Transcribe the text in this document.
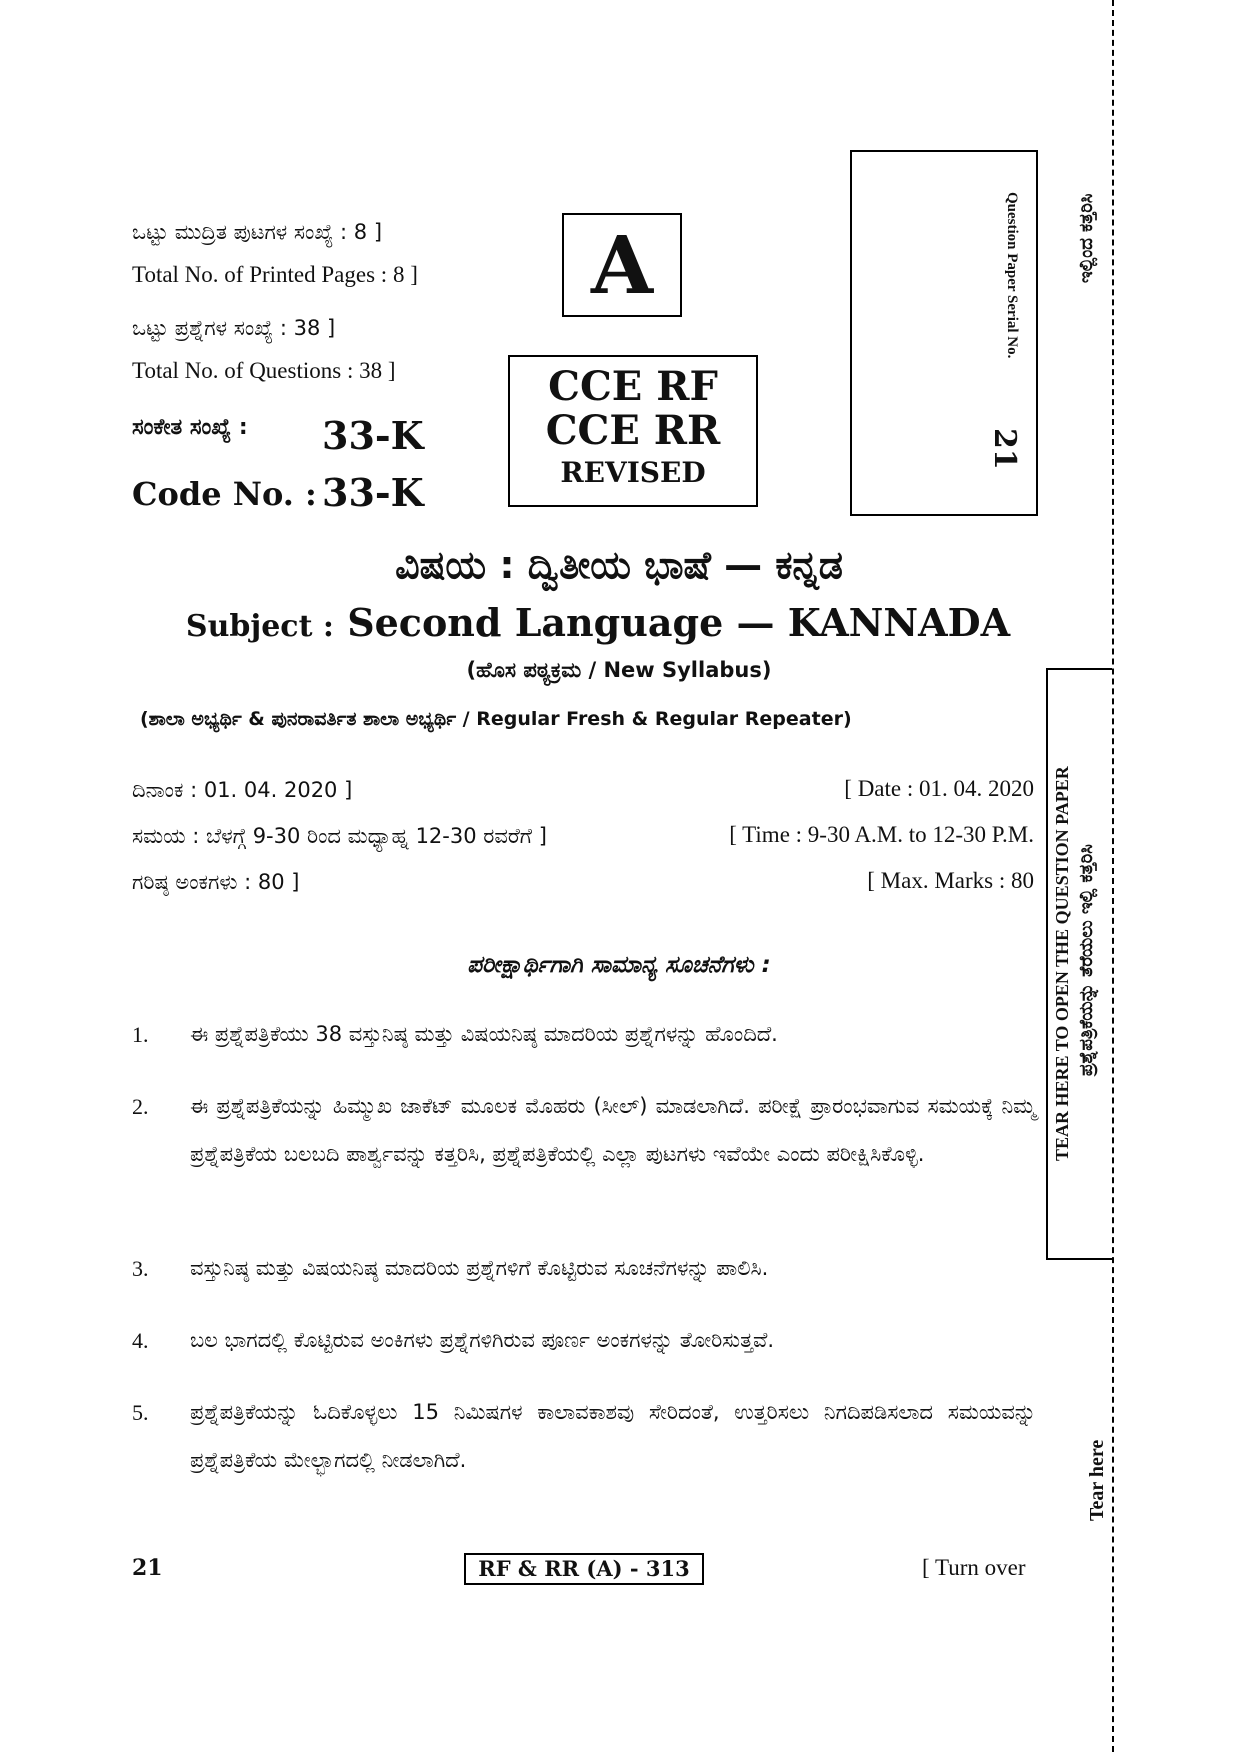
ಒಟ್ಟು ಮುದ್ರಿತ ಪುಟಗಳ ಸಂಖ್ಯೆ : 8 ]
Total No. of Printed Pages : 8 ]
ಒಟ್ಟು ಪ್ರಶ್ನೆಗಳ ಸಂಖ್ಯೆ : 38 ]
Total No. of Questions : 38 ]
ಸಂಕೇತ ಸಂಖ್ಯೆ : 33-K
Code No. : 33-K
A
CCE RF
CCE RR
REVISED
Question Paper Serial No.
21
ವಿಷಯ : ದ್ವಿತೀಯ ಭಾಷೆ — ಕನ್ನಡ
Subject : Second Language — KANNADA
(ಹೊಸ ಪಠ್ಯಕ್ರಮ / New Syllabus)
(ಶಾಲಾ ಅಭ್ಯರ್ಥಿ & ಪುನರಾವರ್ತಿತ ಶಾಲಾ ಅಭ್ಯರ್ಥಿ / Regular Fresh & Regular Repeater)
ದಿನಾಂಕ : 01. 04. 2020 ]	[ Date : 01. 04. 2020
ಸಮಯ : ಬೆಳಗ್ಗೆ 9-30 ರಿಂದ ಮಧ್ಯಾಹ್ನ 12-30 ರವರೆಗೆ ]	[ Time : 9-30 A.M. to 12-30 P.M.
ಗರಿಷ್ಠ ಅಂಕಗಳು : 80 ]	[ Max. Marks : 80
ಪರೀಕ್ಷಾರ್ಥಿಗಾಗಿ ಸಾಮಾನ್ಯ ಸೂಚನೆಗಳು :
1. ಈ ಪ್ರಶ್ನೆಪತ್ರಿಕೆಯು 38 ವಸ್ತುನಿಷ್ಠ ಮತ್ತು ವಿಷಯನಿಷ್ಠ ಮಾದರಿಯ ಪ್ರಶ್ನೆಗಳನ್ನು ಹೊಂದಿದೆ.
2. ಈ ಪ್ರಶ್ನೆಪತ್ರಿಕೆಯನ್ನು ಹಿಮ್ಮುಖ ಜಾಕೆಟ್ ಮೂಲಕ ಮೊಹರು (ಸೀಲ್) ಮಾಡಲಾಗಿದೆ. ಪರೀಕ್ಷೆ ಪ್ರಾರಂಭವಾಗುವ ಸಮಯಕ್ಕೆ ನಿಮ್ಮ ಪ್ರಶ್ನೆಪತ್ರಿಕೆಯ ಬಲಬದಿ ಪಾರ್ಶ್ವವನ್ನು ಕತ್ತರಿಸಿ, ಪ್ರಶ್ನೆಪತ್ರಿಕೆಯಲ್ಲಿ ಎಲ್ಲಾ ಪುಟಗಳು ಇವೆಯೇ ಎಂದು ಪರೀಕ್ಷಿಸಿಕೊಳ್ಳಿ.
3. ವಸ್ತುನಿಷ್ಠ ಮತ್ತು ವಿಷಯನಿಷ್ಠ ಮಾದರಿಯ ಪ್ರಶ್ನೆಗಳಿಗೆ ಕೊಟ್ಟಿರುವ ಸೂಚನೆಗಳನ್ನು ಪಾಲಿಸಿ.
4. ಬಲ ಭಾಗದಲ್ಲಿ ಕೊಟ್ಟಿರುವ ಅಂಕಿಗಳು ಪ್ರಶ್ನೆಗಳಿಗಿರುವ ಪೂರ್ಣ ಅಂಕಗಳನ್ನು ತೋರಿಸುತ್ತವೆ.
5. ಪ್ರಶ್ನೆಪತ್ರಿಕೆಯನ್ನು ಓದಿಕೊಳ್ಳಲು 15 ನಿಮಿಷಗಳ ಕಾಲಾವಕಾಶವು ಸೇರಿದಂತೆ, ಉತ್ತರಿಸಲು ನಿಗದಿಪಡಿಸಲಾದ ಸಮಯವನ್ನು ಪ್ರಶ್ನೆಪತ್ರಿಕೆಯ ಮೇಲ್ಭಾಗದಲ್ಲಿ ನೀಡಲಾಗಿದೆ.
ಇಲ್ಲಿಂದ ಕತ್ತರಿಸಿ
TEAR HERE TO OPEN THE QUESTION PAPER ಪ್ರಶ್ನೆಪತ್ರಿಕೆಯನ್ನು ತೆರೆಯಲು ಇಲ್ಲಿ ಕತ್ತರಿಸಿ
Tear here
21	RF & RR (A) - 313	[ Turn over
